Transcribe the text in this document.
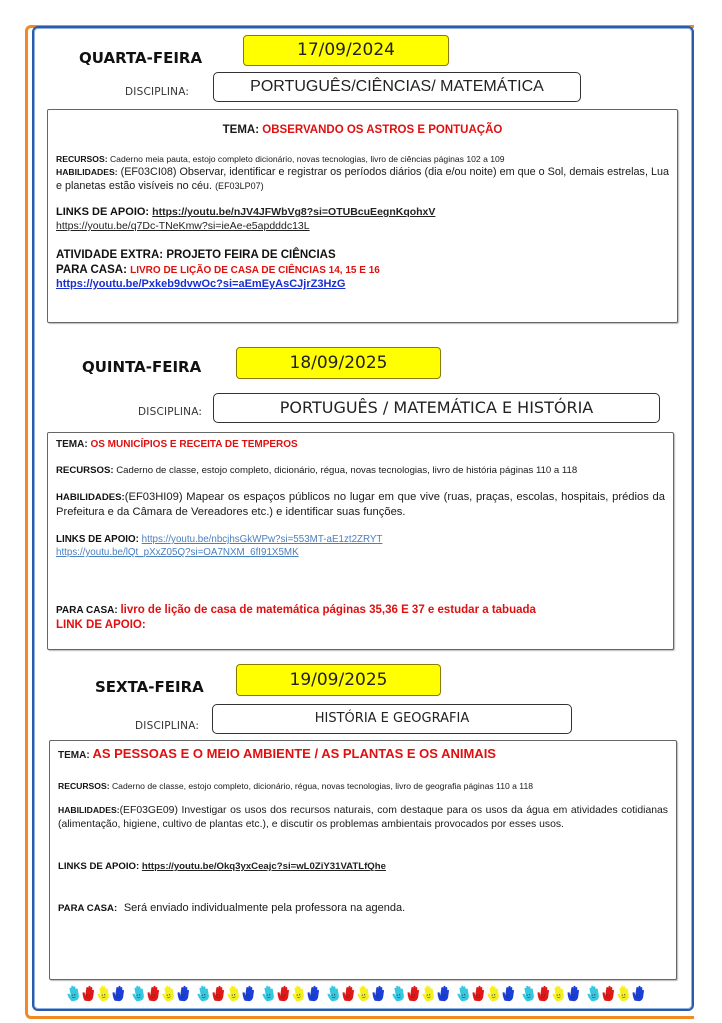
QUARTA-FEIRA	17/09/2024
DISCIPLINA:	PORTUGUÊS/CIÊNCIAS/ MATEMÁTICA
TEMA: OBSERVANDO OS ASTROS E PONTUAÇÃO
RECURSOS: Caderno meia pauta, estojo completo dicionário, novas tecnologias, livro de ciências páginas 102 a 109
HABILIDADES: (EF03CI08) Observar, identificar e registrar os períodos diários (dia e/ou noite) em que o Sol, demais estrelas, Lua e planetas estão visíveis no céu. (EF03LP07)
LINKS DE APOIO: https://youtu.be/nJV4JFWbVg8?si=OTUBcuEegnKqohxV
https://youtu.be/q7Dc-TNeKmw?si=ieAe-e5apdddc13L
ATIVIDADE EXTRA: PROJETO FEIRA DE CIÊNCIAS
PARA CASA: LIVRO DE LIÇÃO DE CASA DE CIÊNCIAS 14, 15 E 16
https://youtu.be/Pxkeb9dvwOc?si=aEmEyAsCJjrZ3HzG
QUINTA-FEIRA	18/09/2025
DISCIPLINA:	PORTUGUÊS / MATEMÁTICA E HISTÓRIA
TEMA: OS MUNICÍPIOS E RECEITA DE TEMPEROS
RECURSOS: Caderno de classe, estojo completo, dicionário, régua, novas tecnologias, livro de história páginas 110 a 118
HABILIDADES:(EF03HI09) Mapear os espaços públicos no lugar em que vive (ruas, praças, escolas, hospitais, prédios da Prefeitura e da Câmara de Vereadores etc.) e identificar suas funções.
LINKS DE APOIO: https://youtu.be/nbcjhsGkWPw?si=553MT-aE1zt2ZRYT
https://youtu.be/lQt_pXxZ05Q?si=OA7NXM_6fI91X5MK
PARA CASA: livro de lição de casa de matemática páginas 35,36 E 37 e estudar a tabuada
LINK DE APOIO:
SEXTA-FEIRA	19/09/2025
DISCIPLINA:	HISTÓRIA E GEOGRAFIA
TEMA: AS PESSOAS E O MEIO AMBIENTE / AS PLANTAS E OS ANIMAIS
RECURSOS: Caderno de classe, estojo completo, dicionário, régua, novas tecnologias, livro de geografia páginas 110 a 118
HABILIDADES:(EF03GE09) Investigar os usos dos recursos naturais, com destaque para os usos da água em atividades cotidianas (alimentação, higiene, cultivo de plantas etc.), e discutir os problemas ambientais provocados por esses usos.
LINKS DE APOIO: https://youtu.be/Okq3yxCeajc?si=wL0ZiY31VATLfQhe
PARA CASA: Será enviado individualmente pela professora na agenda.
